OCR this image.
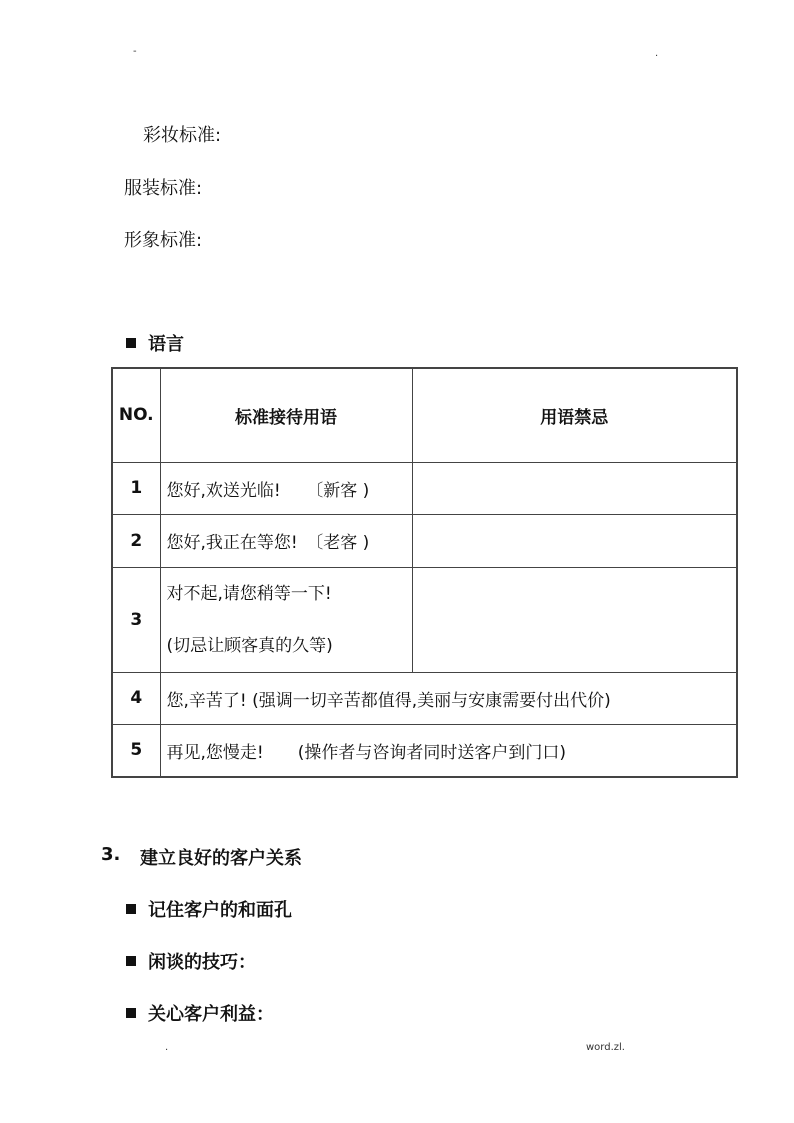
-	.
彩妆标准:
服装标准:
形象标准:
语言
NO.	标准接待用语	用语禁忌
1	您好,欢送光临!　　〔新客 )	
2	您好,我正在等您!　〔老客 )	
3	对不起,请您稍等一下!
(切忌让顾客真的久等)	

4	您,辛苦了! (强调一切辛苦都值得,美丽与安康需要付出代价)	
5	再见,您慢走!　　(操作者与咨询者同时送客户到门口)	
3. 建立良好的客户关系
记住客户的和面孔
闲谈的技巧：
关心客户利益：
.	word.zl.
